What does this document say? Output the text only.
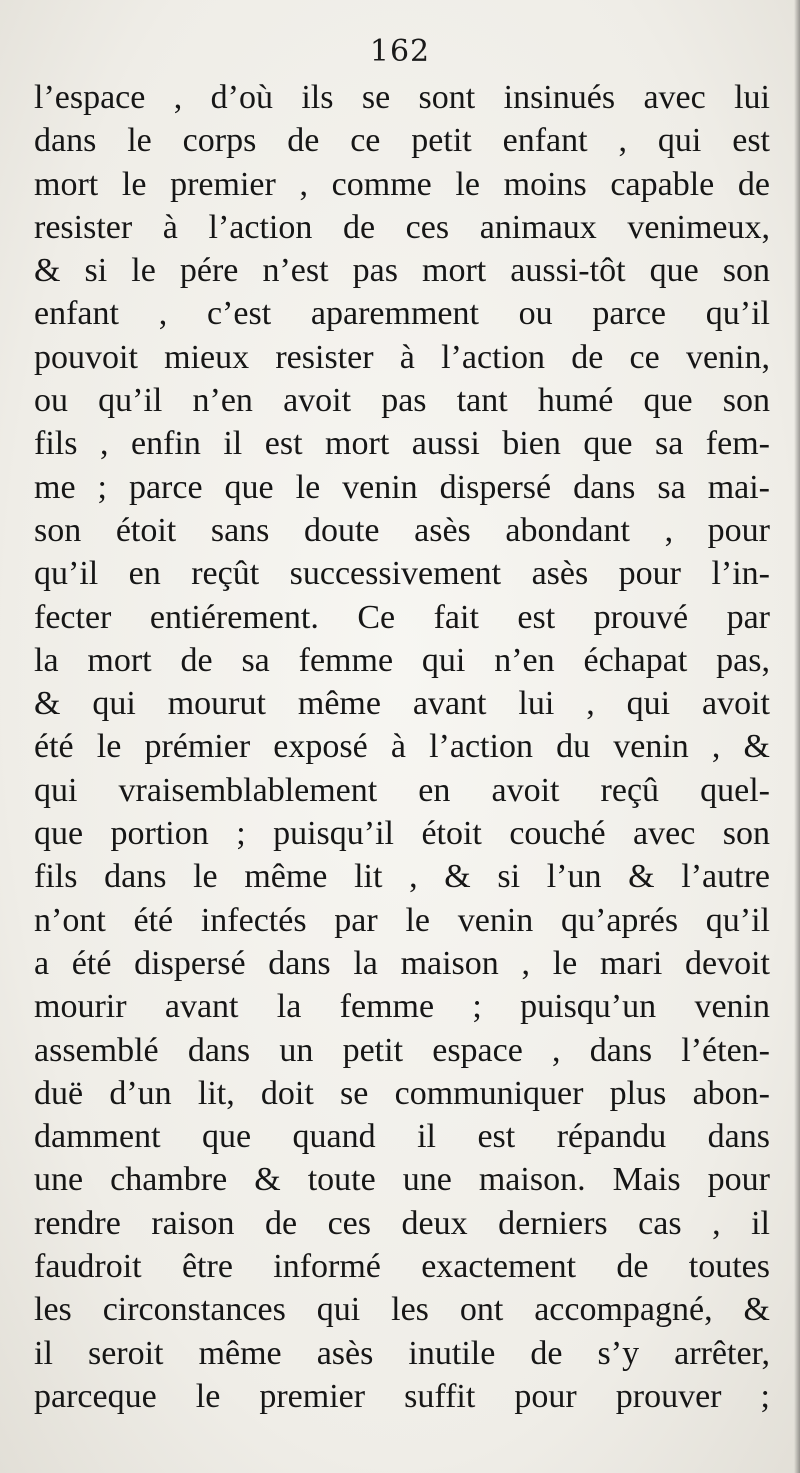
162
l’espace , d’où ils se sont insinués avec lui
dans le corps de ce petit enfant , qui est
mort le premier , comme le moins capable de
resister à l’action de ces animaux venimeux,
& si le pére n’est pas mort aussi-tôt que son
enfant , c’est aparemment ou parce qu’il
pouvoit mieux resister à l’action de ce venin,
ou qu’il n’en avoit pas tant humé que son
fils , enfin il est mort aussi bien que sa fem-
me ; parce que le venin dispersé dans sa mai-
son étoit sans doute asès abondant , pour
qu’il en reçût successivement asès pour l’in-
fecter entiérement. Ce fait est prouvé par
la mort de sa femme qui n’en échapat pas,
& qui mourut même avant lui , qui avoit
été le prémier exposé à l’action du venin , &
qui vraisemblablement en avoit reçû quel-
que portion ; puisqu’il étoit couché avec son
fils dans le même lit , & si l’un & l’autre
n’ont été infectés par le venin qu’aprés qu’il
a été dispersé dans la maison , le mari devoit
mourir avant la femme ; puisqu’un venin
assemblé dans un petit espace , dans l’éten-
duë d’un lit, doit se communiquer plus abon-
damment que quand il est répandu dans
une chambre & toute une maison. Mais pour
rendre raison de ces deux derniers cas , il
faudroit être informé exactement de toutes
les circonstances qui les ont accompagné, &
il seroit même asès inutile de s’y arrêter,
parceque le premier suffit pour prouver ;
